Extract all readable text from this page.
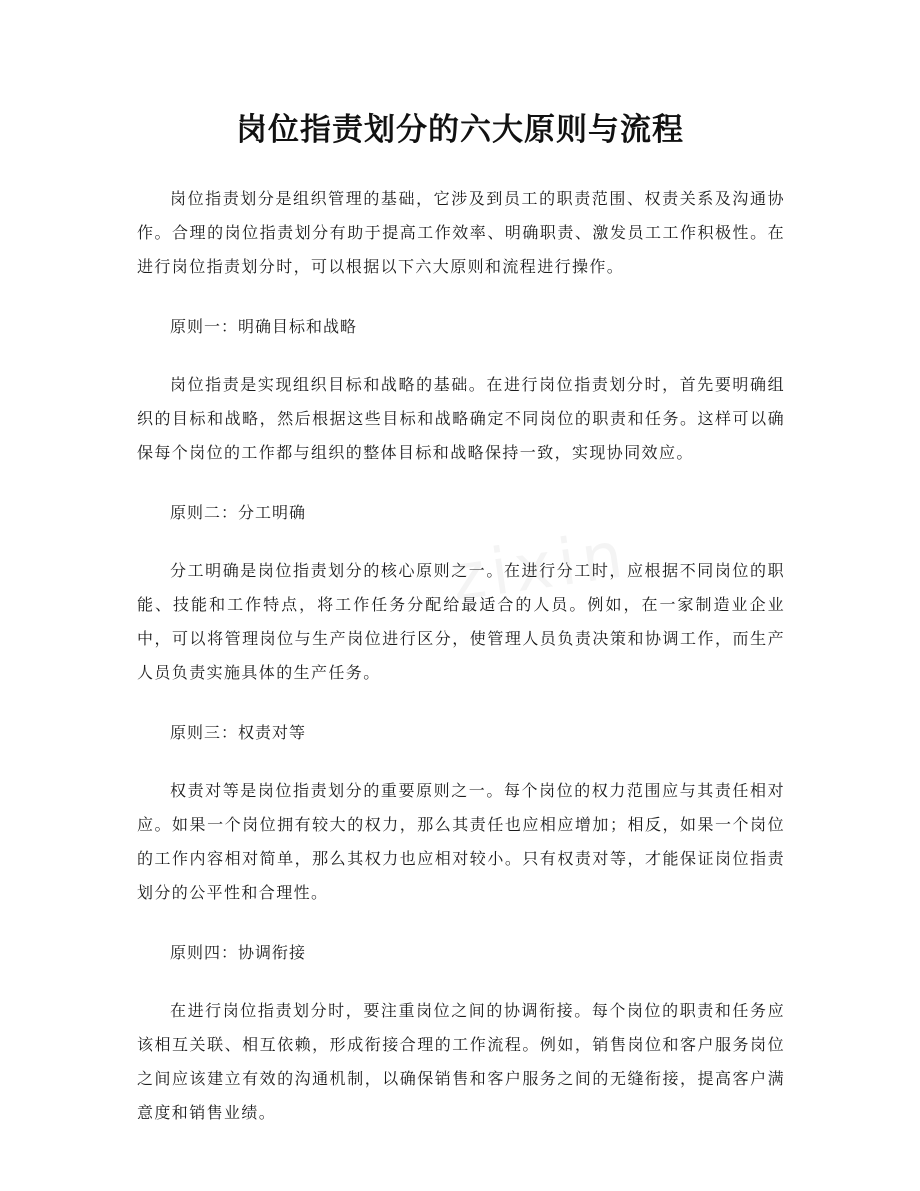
岗位指责划分的六大原则与流程

岗位指责划分是组织管理的基础，它涉及到员工的职责范围、权责关系及沟通协作。合理的岗位指责划分有助于提高工作效率、明确职责、激发员工工作积极性。在进行岗位指责划分时，可以根据以下六大原则和流程进行操作。

原则一：明确目标和战略

岗位指责是实现组织目标和战略的基础。在进行岗位指责划分时，首先要明确组织的目标和战略，然后根据这些目标和战略确定不同岗位的职责和任务。这样可以确保每个岗位的工作都与组织的整体目标和战略保持一致，实现协同效应。

原则二：分工明确

分工明确是岗位指责划分的核心原则之一。在进行分工时，应根据不同岗位的职能、技能和工作特点，将工作任务分配给最适合的人员。例如，在一家制造业企业中，可以将管理岗位与生产岗位进行区分，使管理人员负责决策和协调工作，而生产人员负责实施具体的生产任务。

原则三：权责对等

权责对等是岗位指责划分的重要原则之一。每个岗位的权力范围应与其责任相对应。如果一个岗位拥有较大的权力，那么其责任也应相应增加；相反，如果一个岗位的工作内容相对简单，那么其权力也应相对较小。只有权责对等，才能保证岗位指责划分的公平性和合理性。

原则四：协调衔接

在进行岗位指责划分时，要注重岗位之间的协调衔接。每个岗位的职责和任务应该相互关联、相互依赖，形成衔接合理的工作流程。例如，销售岗位和客户服务岗位之间应该建立有效的沟通机制，以确保销售和客户服务之间的无缝衔接，提高客户满意度和销售业绩。
